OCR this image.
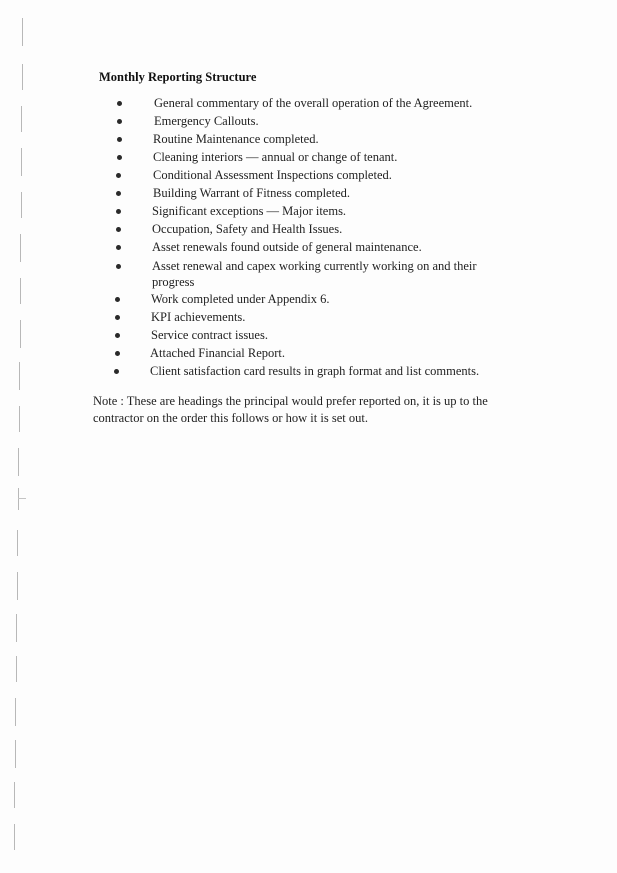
Monthly Reporting Structure
General commentary of the overall operation of the Agreement.
Emergency Callouts.
Routine Maintenance completed.
Cleaning interiors — annual or change of tenant.
Conditional Assessment Inspections completed.
Building Warrant of Fitness completed.
Significant exceptions — Major items.
Occupation, Safety and Health Issues.
Asset renewals found outside of general maintenance.
Asset renewal and capex working currently working on and their
progress
Work completed under Appendix 6.
KPI achievements.
Service contract issues.
Attached Financial Report.
Client satisfaction card results in graph format and list comments.

Note : These are headings the principal would prefer reported on, it is up to the contractor on the order this follows or how it is set out.
